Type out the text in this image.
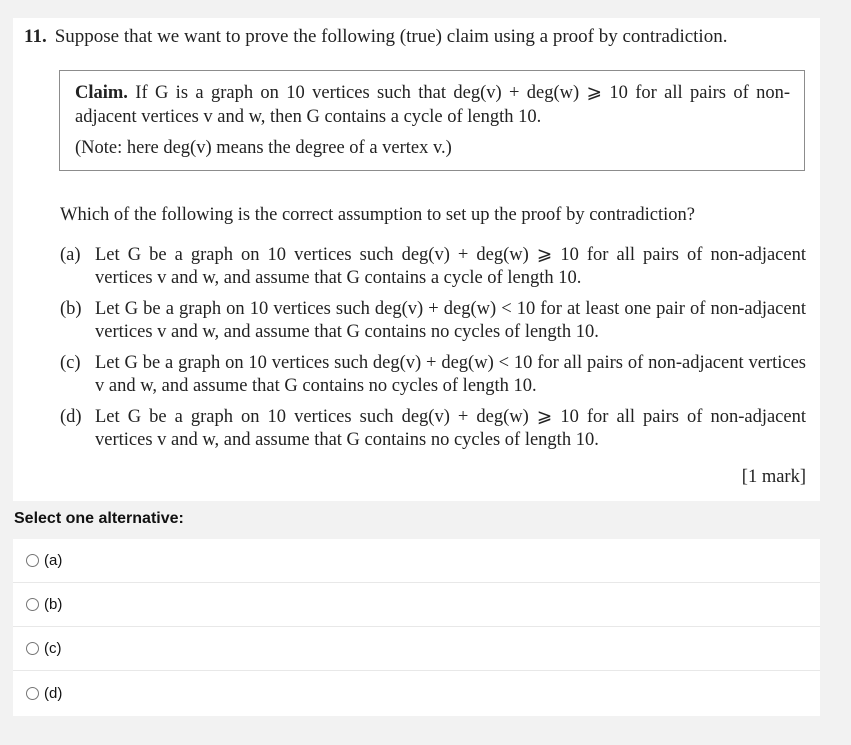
11. Suppose that we want to prove the following (true) claim using a proof by contradiction.
Claim. If G is a graph on 10 vertices such that deg(v) + deg(w) ⩾ 10 for all pairs of non-adjacent vertices v and w, then G contains a cycle of length 10.
(Note: here deg(v) means the degree of a vertex v.)
Which of the following is the correct assumption to set up the proof by contradiction?
(a) Let G be a graph on 10 vertices such deg(v) + deg(w) ⩾ 10 for all pairs of non-adjacent vertices v and w, and assume that G contains a cycle of length 10.
(b) Let G be a graph on 10 vertices such deg(v) + deg(w) < 10 for at least one pair of non-adjacent vertices v and w, and assume that G contains no cycles of length 10.
(c) Let G be a graph on 10 vertices such deg(v) + deg(w) < 10 for all pairs of non-adjacent vertices v and w, and assume that G contains no cycles of length 10.
(d) Let G be a graph on 10 vertices such deg(v) + deg(w) ⩾ 10 for all pairs of non-adjacent vertices v and w, and assume that G contains no cycles of length 10.
[1 mark]
Select one alternative:
(a)
(b)
(c)
(d)
